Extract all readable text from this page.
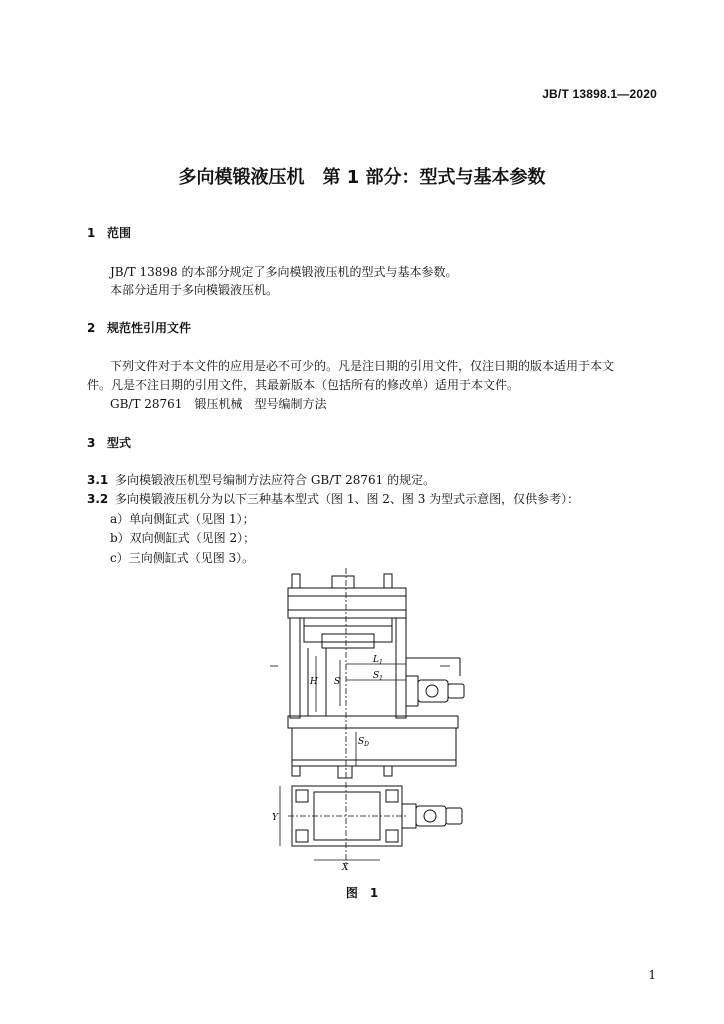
JB/T 13898.1—2020
多向模锻液压机　第 1 部分：型式与基本参数
1 范围
JB/T 13898 的本部分规定了多向模锻液压机的型式与基本参数。
本部分适用于多向模锻液压机。
2 规范性引用文件
下列文件对于本文件的应用是必不可少的。凡是注日期的引用文件，仅注日期的版本适用于本文
件。凡是不注日期的引用文件，其最新版本（包括所有的修改单）适用于本文件。
GB/T 28761　锻压机械　型号编制方法
3 型式
3.1 多向模锻液压机型号编制方法应符合 GB/T 28761 的规定。
3.2 多向模锻液压机分为以下三种基本型式（图 1、图 2、图 3 为型式示意图，仅供参考）：
a）单向侧缸式（见图 1）；
b）双向侧缸式（见图 2）；
c）三向侧缸式（见图 3）。
$L_1$
$S_1$
H S
$S_D$
Y
X
图　1
1
